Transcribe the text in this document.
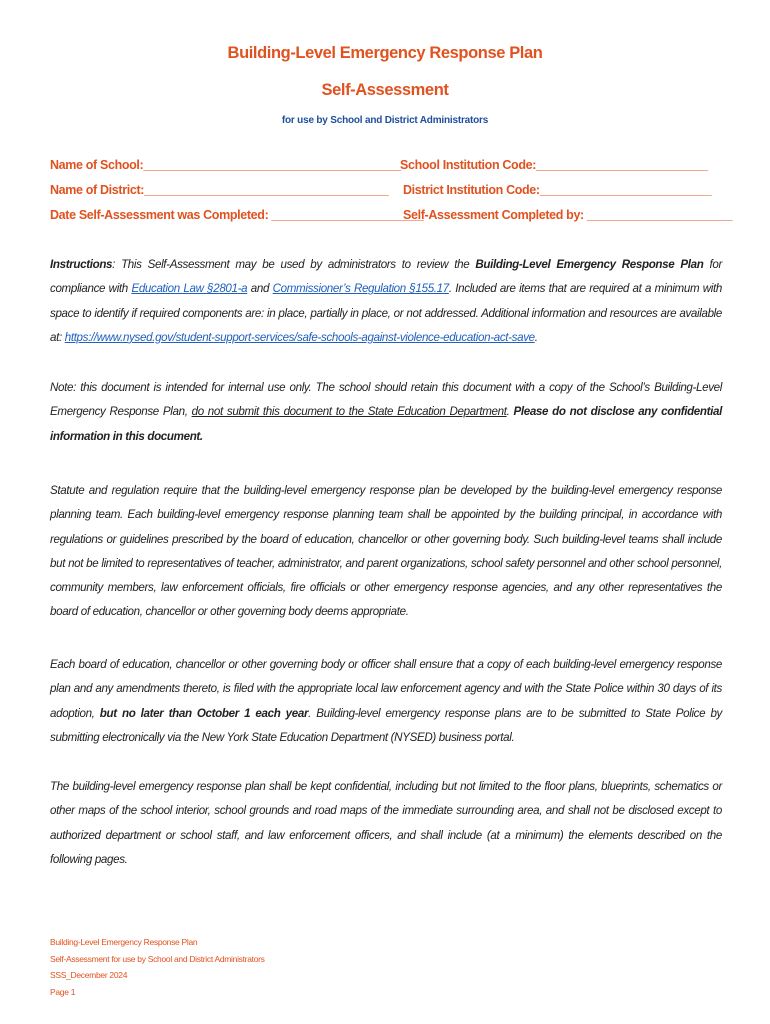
Building-Level Emergency Response Plan
Self-Assessment
for use by School and District Administrators
Name of School:_______________________________________ School Institution Code:__________________________
Name of District:_____________________________________ District Institution Code:__________________________
Date Self-Assessment was Completed: _______________________
Self-Assessment Completed by: ______________________
Instructions: This Self-Assessment may be used by administrators to review the Building-Level Emergency Response Plan for compliance with Education Law §2801-a and Commissioner’s Regulation §155.17. Included are items that are required at a minimum with space to identify if required components are: in place, partially in place, or not addressed. Additional information and resources are available at: https://www.nysed.gov/student-support-services/safe-schools-against-violence-education-act-save.
Note: this document is intended for internal use only. The school should retain this document with a copy of the School’s Building-Level Emergency Response Plan, do not submit this document to the State Education Department. Please do not disclose any confidential information in this document.
Statute and regulation require that the building-level emergency response plan be developed by the building-level emergency response planning team. Each building-level emergency response planning team shall be appointed by the building principal, in accordance with regulations or guidelines prescribed by the board of education, chancellor or other governing body. Such building-level teams shall include but not be limited to representatives of teacher, administrator, and parent organizations, school safety personnel and other school personnel, community members, law enforcement officials, fire officials or other emergency response agencies, and any other representatives the board of education, chancellor or other governing body deems appropriate.
Each board of education, chancellor or other governing body or officer shall ensure that a copy of each building-level emergency response plan and any amendments thereto, is filed with the appropriate local law enforcement agency and with the State Police within 30 days of its adoption, but no later than October 1 each year. Building-level emergency response plans are to be submitted to State Police by submitting electronically via the New York State Education Department (NYSED) business portal.
The building-level emergency response plan shall be kept confidential, including but not limited to the floor plans, blueprints, schematics or other maps of the school interior, school grounds and road maps of the immediate surrounding area, and shall not be disclosed except to authorized department or school staff, and law enforcement officers, and shall include (at a minimum) the elements described on the following pages.
Building-Level Emergency Response Plan
Self-Assessment for use by School and District Administrators
SSS_December 2024
Page 1
